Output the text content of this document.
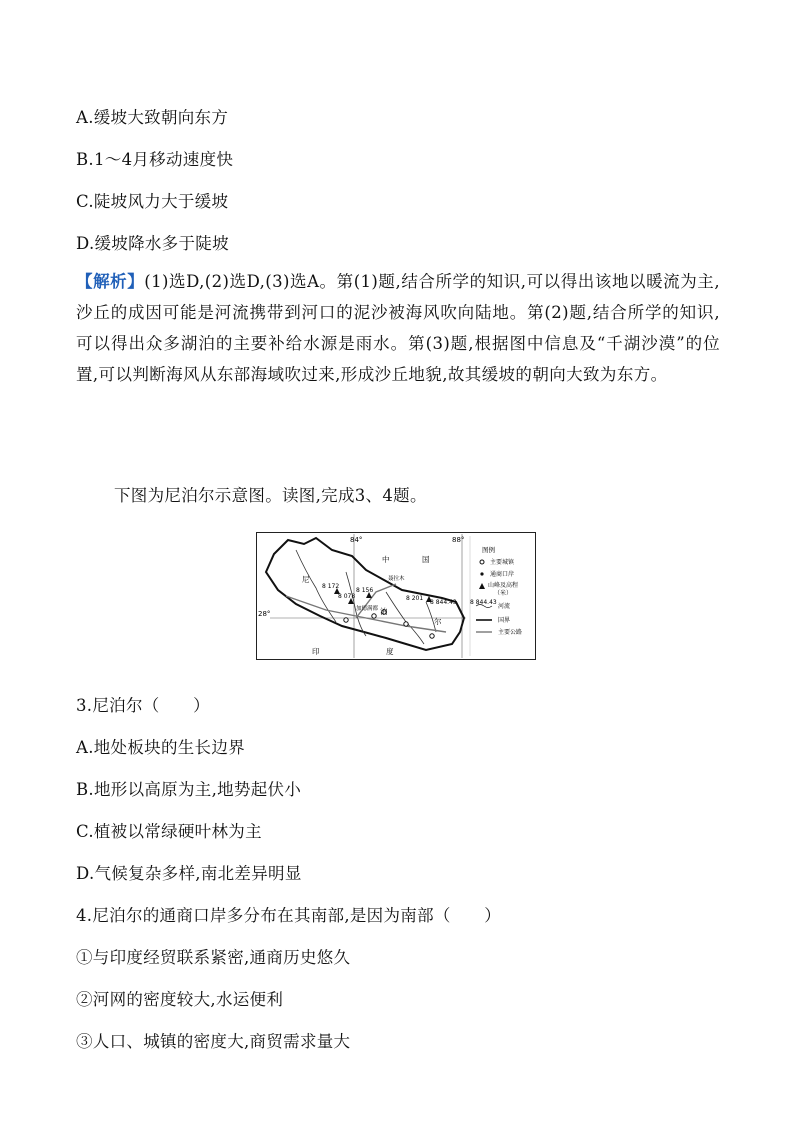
A.缓坡大致朝向东方
B.1～4月移动速度快
C.陡坡风力大于缓坡
D.缓坡降水多于陡坡
【解析】(1)选D,(2)选D,(3)选A。第(1)题,结合所学的知识,可以得出该地以暖流为主,沙丘的成因可能是河流携带到河口的泥沙被海风吹向陆地。第(2)题,结合所学的知识,可以得出众多湖泊的主要补给水源是雨水。第(3)题,根据图中信息及“千湖沙漠”的位置,可以判断海风从东部海域吹过来,形成沙丘地貌,故其缓坡的朝向大致为东方。
下图为尼泊尔示意图。读图,完成3、4题。
图例
主要城镇
通商口岸
山峰及高程
（米）
河流
国界
主要公路
84°	88°
28°
尼
泊
尔
中	国
印	度
8 172
8 078
8 156
8 201
8 844.43 8 844.43
加德满都
聂拉木
3.尼泊尔（　　）
A.地处板块的生长边界
B.地形以高原为主,地势起伏小
C.植被以常绿硬叶林为主
D.气候复杂多样,南北差异明显
4.尼泊尔的通商口岸多分布在其南部,是因为南部（　　）
①与印度经贸联系紧密,通商历史悠久
②河网的密度较大,水运便利
③人口、城镇的密度大,商贸需求量大
